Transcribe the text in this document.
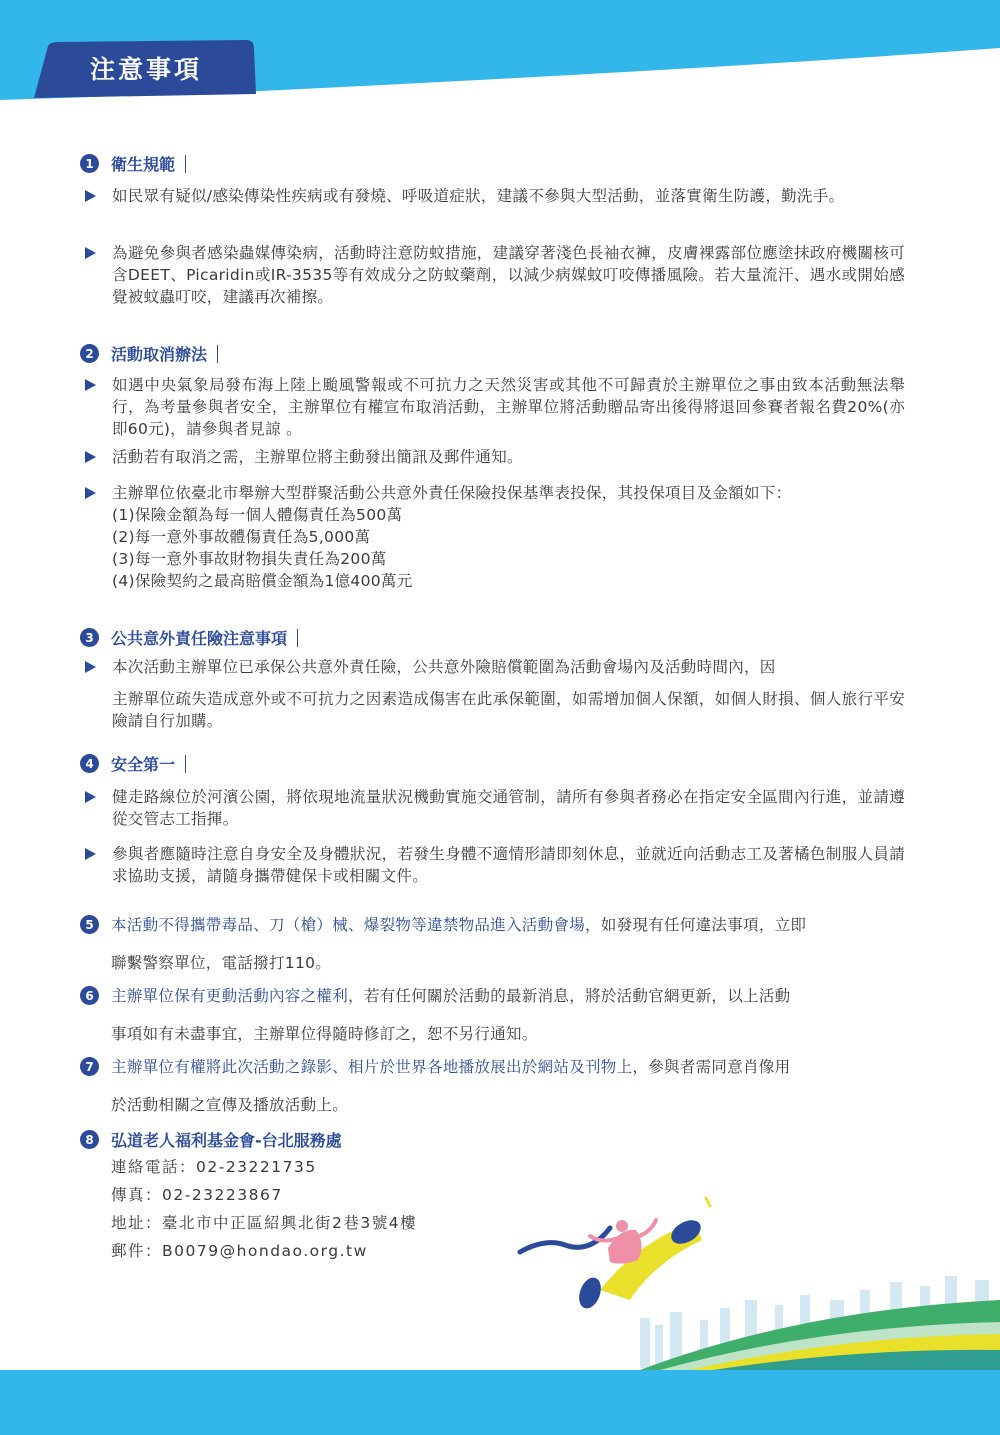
注意事項
1	衛生規範
如民眾有疑似/感染傳染性疾病或有發燒、呼吸道症狀，建議不參與大型活動，並落實衛生防護，勤洗手。
為避免參與者感染蟲媒傳染病，活動時注意防蚊措施，建議穿著淺色長袖衣褲，皮膚裸露部位應塗抹政府機關核可含DEET、Picaridin或IR-3535等有效成分之防蚊藥劑，以減少病媒蚊叮咬傳播風險。若大量流汗、遇水或開始感覺被蚊蟲叮咬，建議再次補擦。
2	活動取消辦法
如遇中央氣象局發布海上陸上颱風警報或不可抗力之天然災害或其他不可歸責於主辦單位之事由致本活動無法舉行，為考量參與者安全，主辦單位有權宣布取消活動，主辦單位將活動贈品寄出後得將退回參賽者報名費20%(亦即60元)，請參與者見諒 。
活動若有取消之需，主辦單位將主動發出簡訊及郵件通知。
主辦單位依臺北市舉辦大型群聚活動公共意外責任保險投保基準表投保，其投保項目及金額如下：
(1)保險金額為每一個人體傷責任為500萬
(2)每一意外事故體傷責任為5,000萬
(3)每一意外事故財物損失責任為200萬
(4)保險契約之最高賠償金額為1億400萬元
3	公共意外責任險注意事項
本次活動主辦單位已承保公共意外責任險，公共意外險賠償範圍為活動會場內及活動時間內，因
主辦單位疏失造成意外或不可抗力之因素造成傷害在此承保範圍，如需增加個人保額，如個人財損、個人旅行平安險請自行加購。
4	安全第一
健走路線位於河濱公園，將依現地流量狀況機動實施交通管制，請所有參與者務必在指定安全區間內行進，並請遵從交管志工指揮。
參與者應隨時注意自身安全及身體狀況，若發生身體不適情形請即刻休息，並就近向活動志工及著橘色制服人員請求協助支援，請隨身攜帶健保卡或相關文件。
5	本活動不得攜帶毒品、刀（槍）械、爆裂物等違禁物品進入活動會場，如發現有任何違法事項，立即
聯繫警察單位，電話撥打110。
6	主辦單位保有更動活動內容之權利，若有任何關於活動的最新消息，將於活動官網更新，以上活動
事項如有未盡事宜，主辦單位得隨時修訂之，恕不另行通知。
7	主辦單位有權將此次活動之錄影、相片於世界各地播放展出於網站及刊物上，參與者需同意肖像用
於活動相關之宣傳及播放活動上。
8	弘道老人福利基金會-台北服務處
連絡電話：02-23221735
傳真：02-23223867
地址：臺北市中正區紹興北街2巷3號4樓
郵件：B0079@hondao.org.tw
